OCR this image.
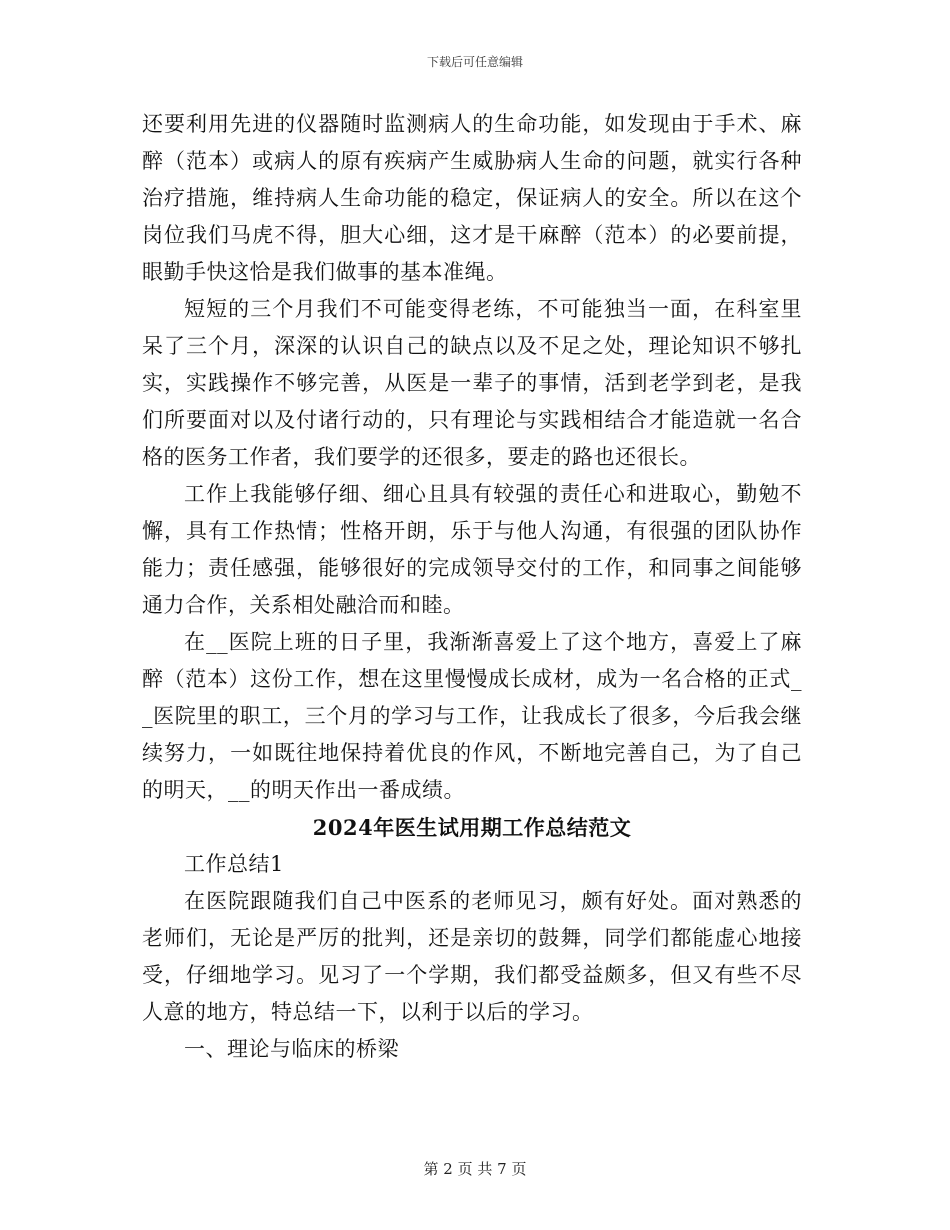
下载后可任意编辑

还要利用先进的仪器随时监测病人的生命功能，如发现由于手术、麻醉（范本）或病人的原有疾病产生威胁病人生命的问题，就实行各种治疗措施，维持病人生命功能的稳定，保证病人的安全。所以在这个岗位我们马虎不得，胆大心细，这才是干麻醉（范本）的必要前提，眼勤手快这恰是我们做事的基本准绳。

短短的三个月我们不可能变得老练，不可能独当一面，在科室里呆了三个月，深深的认识自己的缺点以及不足之处，理论知识不够扎实，实践操作不够完善，从医是一辈子的事情，活到老学到老，是我们所要面对以及付诸行动的，只有理论与实践相结合才能造就一名合格的医务工作者，我们要学的还很多，要走的路也还很长。

工作上我能够仔细、细心且具有较强的责任心和进取心，勤勉不懈，具有工作热情；性格开朗，乐于与他人沟通，有很强的团队协作能力；责任感强，能够很好的完成领导交付的工作，和同事之间能够通力合作，关系相处融洽而和睦。

在__医院上班的日子里，我渐渐喜爱上了这个地方，喜爱上了麻醉（范本）这份工作，想在这里慢慢成长成材，成为一名合格的正式__医院里的职工，三个月的学习与工作，让我成长了很多，今后我会继续努力，一如既往地保持着优良的作风，不断地完善自己，为了自己的明天，__的明天作出一番成绩。

2024年医生试用期工作总结范文

工作总结1

在医院跟随我们自己中医系的老师见习，颇有好处。面对熟悉的老师们，无论是严厉的批判，还是亲切的鼓舞，同学们都能虚心地接受，仔细地学习。见习了一个学期，我们都受益颇多，但又有些不尽人意的地方，特总结一下，以利于以后的学习。

一、理论与临床的桥梁

第 2 页 共 7 页
